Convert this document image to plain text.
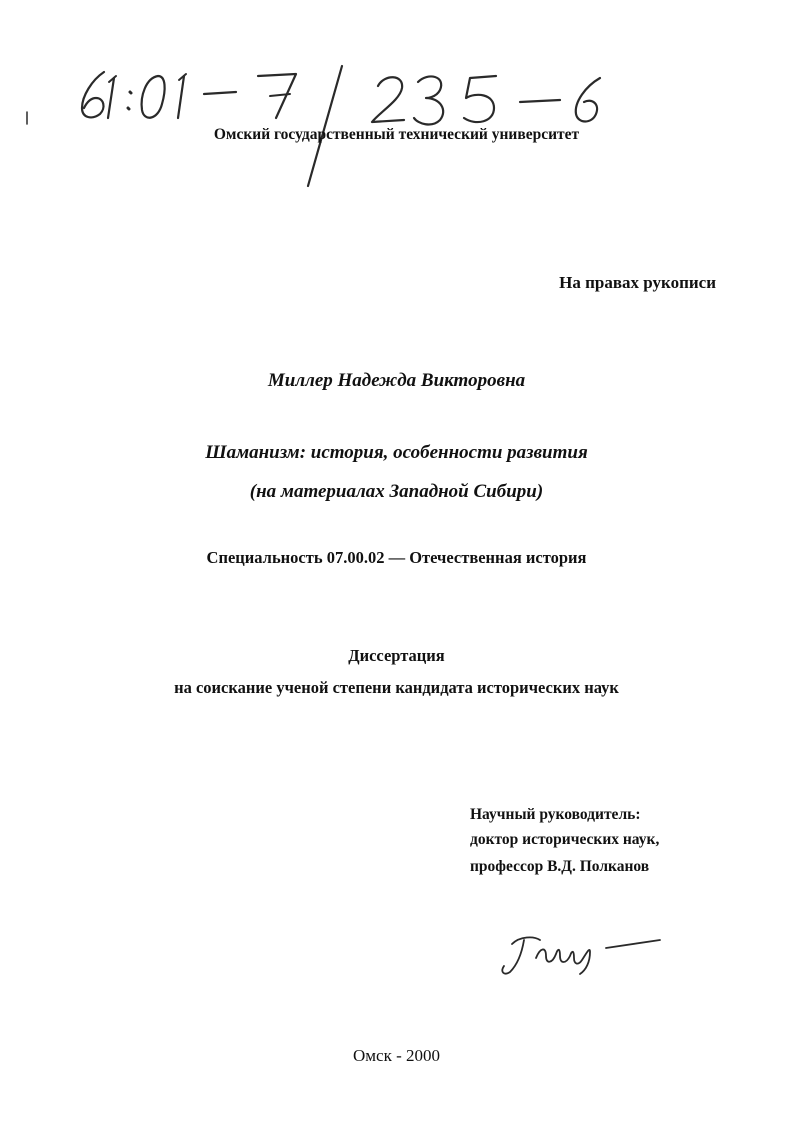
Омский государственный технический университет
На правах рукописи
Миллер Надежда Викторовна
Шаманизм: история, особенности развития
(на материалах Западной Сибири)
Специальность 07.00.02 — Отечественная история
Диссертация
на соискание ученой степени кандидата исторических наук
Научный руководитель:
доктор исторических наук,
профессор В.Д. Полканов
Омск - 2000
